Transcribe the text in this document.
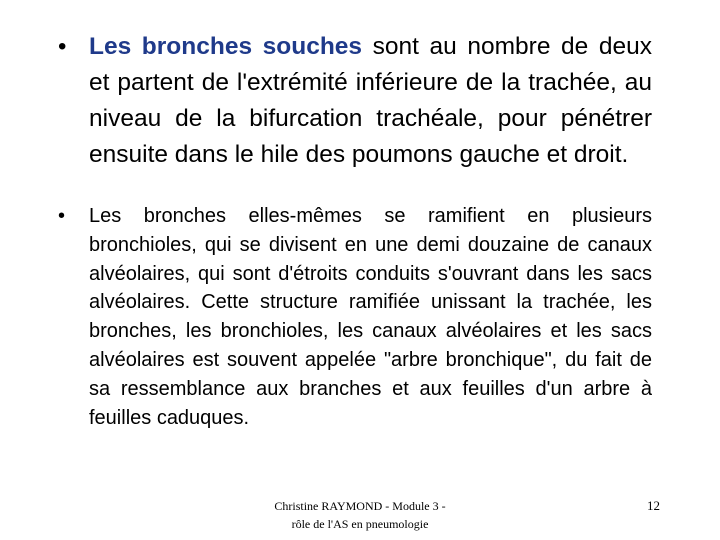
• Les bronches souches sont au nombre de deux et partent de l'extrémité inférieure de la trachée, au niveau de la bifurcation trachéale, pour pénétrer ensuite dans le hile des poumons gauche et droit.
• Les bronches elles-mêmes se ramifient en plusieurs bronchioles, qui se divisent en une demi douzaine de canaux alvéolaires, qui sont d'étroits conduits s'ouvrant dans les sacs alvéolaires. Cette structure ramifiée unissant la trachée, les bronches, les bronchioles, les canaux alvéolaires et les sacs alvéolaires est souvent appelée "arbre bronchique", du fait de sa ressemblance aux branches et aux feuilles d'un arbre à feuilles caduques.
Christine RAYMOND - Module 3 -
rôle de l'AS en pneumologie
12
